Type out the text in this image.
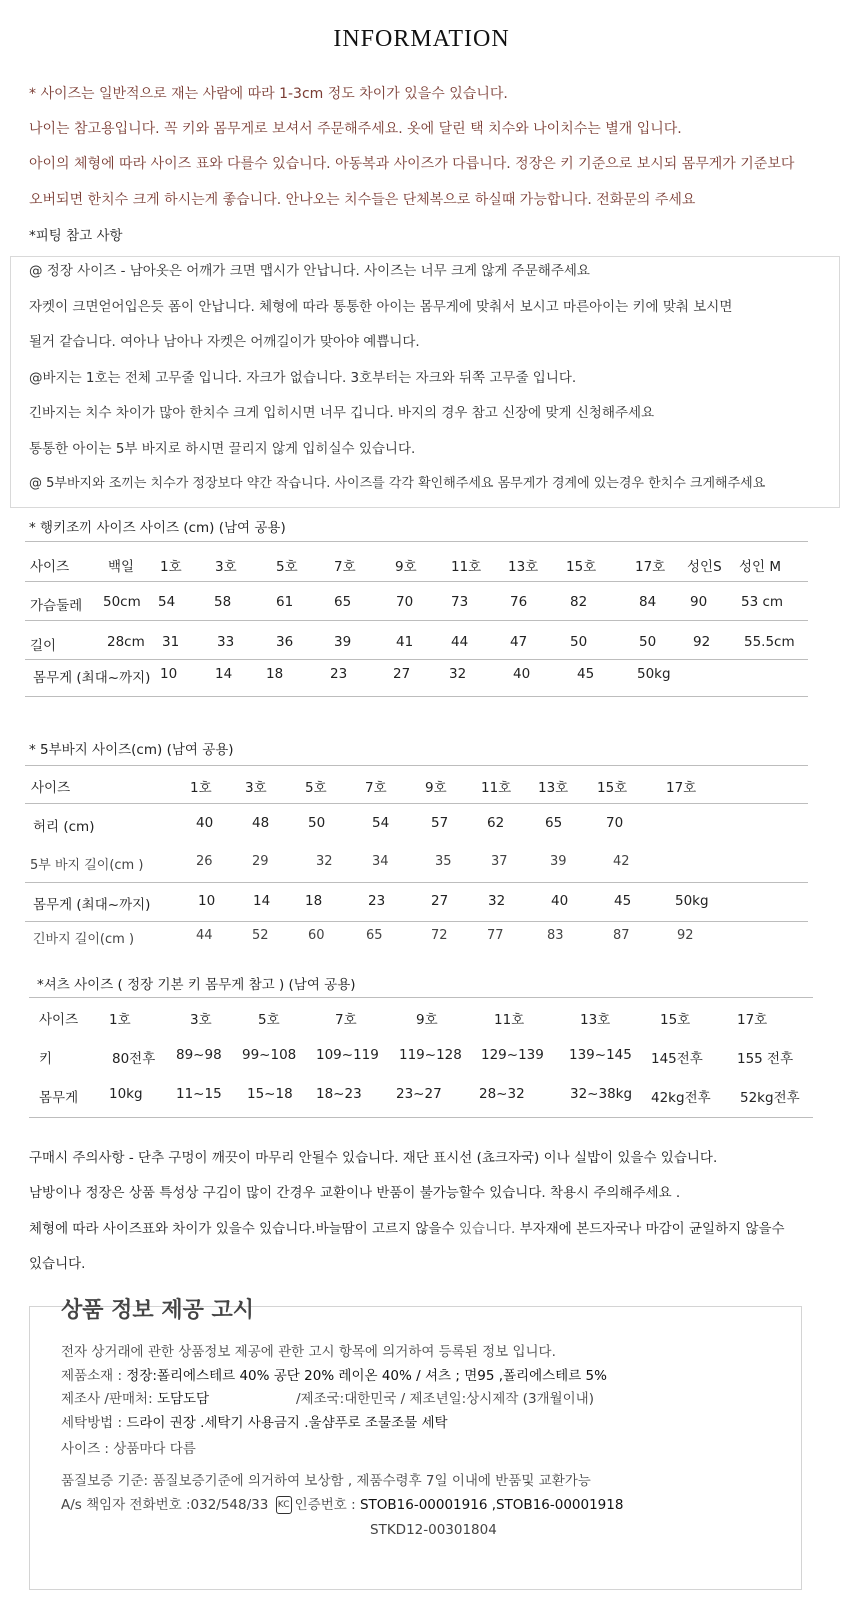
INFORMATION
* 사이즈는 일반적으로 재는 사람에 따라 1-3cm 정도 차이가 있을수 있습니다.
나이는 참고용입니다. 꼭 키와 몸무게로 보셔서 주문해주세요. 옷에 달린 택 치수와 나이치수는 별개 입니다.
아이의 체형에 따라 사이즈 표와 다를수 있습니다. 아동복과 사이즈가 다릅니다. 정장은 키 기준으로 보시되 몸무게가 기준보다
오버되면 한치수 크게 하시는게 좋습니다. 안나오는 치수들은 단체복으로 하실때 가능합니다. 전화문의 주세요
*피팅 참고 사항
@ 정장 사이즈 - 남아옷은 어깨가 크면 맵시가 안납니다. 사이즈는 너무 크게 않게 주문해주세요
자켓이 크면얻어입은듯 폼이 안납니다. 체형에 따라 통통한 아이는 몸무게에 맞춰서 보시고 마른아이는 키에 맞춰 보시면
될거 같습니다. 여아나 남아나 자켓은 어깨길이가 맞아야 예쁩니다.
@바지는 1호는 전체 고무줄 입니다. 자크가 없습니다. 3호부터는 자크와 뒤쪽 고무줄 입니다.
긴바지는 치수 차이가 많아 한치수 크게 입히시면 너무 깁니다. 바지의 경우 참고 신장에 맞게 신청해주세요
통통한 아이는 5부 바지로 하시면 끌리지 않게 입히실수 있습니다.
@ 5부바지와 조끼는 치수가 정장보다 약간 작습니다. 사이즈를 각각 확인해주세요 몸무게가 경계에 있는경우 한치수 크게해주세요
* 행키조끼 사이즈 사이즈 (cm) (남여 공용)
사이즈	백일 1호 3호	5호	7호	9호	11호 13호 15호	17호 성인S 성인 M
가슴둘레 50cm 54	58	61	65	70	73	76	82	84	90	53 cm
길이	28cm 31	33	36	39	41	44	47	50	50	92	55.5cm
몸무게 (최대~까지) 10	14	18	23	27	32	40	45	50kg
* 5부바지 사이즈(cm) (남여 공용)
사이즈	1호 3호	5호	7호	9호	11호 13호 15호	17호
허리 (cm)	40	48	50	54	57	62	65	70
5부 바지 길이(cm )	26	29	32	34	35	37	39	42
몸무게 (최대~까지)	10	14	18	23	27	32	40	45	50kg
긴바지 길이(cm )	44	52	60	65	72	77	83	87	92
*셔츠 사이즈 ( 정장 기본 키 몸무게 참고 ) (남여 공용)
사이즈 1호	3호	5호	7호	9호	11호	13호	15호	17호
키	80전후 89~98 99~108 109~119 119~128 129~139 139~145 145전후	155 전후
몸무게 10kg 11~15 15~18 18~23	23~27	28~32	32~38kg 42kg전후 52kg전후
구매시 주의사항 - 단추 구멍이 깨끗이 마무리 안될수 있습니다. 재단 표시선 (쵸크자국) 이나 실밥이 있을수 있습니다.
남방이나 정장은 상품 특성상 구김이 많이 간경우 교환이나 반품이 불가능할수 있습니다. 착용시 주의해주세요 .
체형에 따라 사이즈표와 차이가 있을수 있습니다.바늘땀이 고르지 않을수 있습니다. 부자재에 본드자국나 마감이 균일하지 않을수
있습니다.
상품 정보 제공 고시
전자 상거래에 관한 상품정보 제공에 관한 고시 항목에 의거하여 등록된 정보 입니다.
제품소재 : 정장:폴리에스테르 40% 공단 20% 레이온 40% / 셔츠 ; 면95 ,폴리에스테르 5%
제조사 /판매처: 도담도담	/제조국:대한민국 / 제조년일:상시제작 (3개월이내)
세탁방법 : 드라이 권장 .세탁기 사용금지 .울샴푸로 조물조물 세탁
사이즈 : 상품마다 다름
품질보증 기준: 품질보증기준에 의거하여 보상함 , 제품수령후 7일 이내에 반품및 교환가능
A/s 책임자 전화번호 :032/548/33 KC 인증번호 : STOB16-00001916 ,STOB16-00001918
STKD12-00301804
